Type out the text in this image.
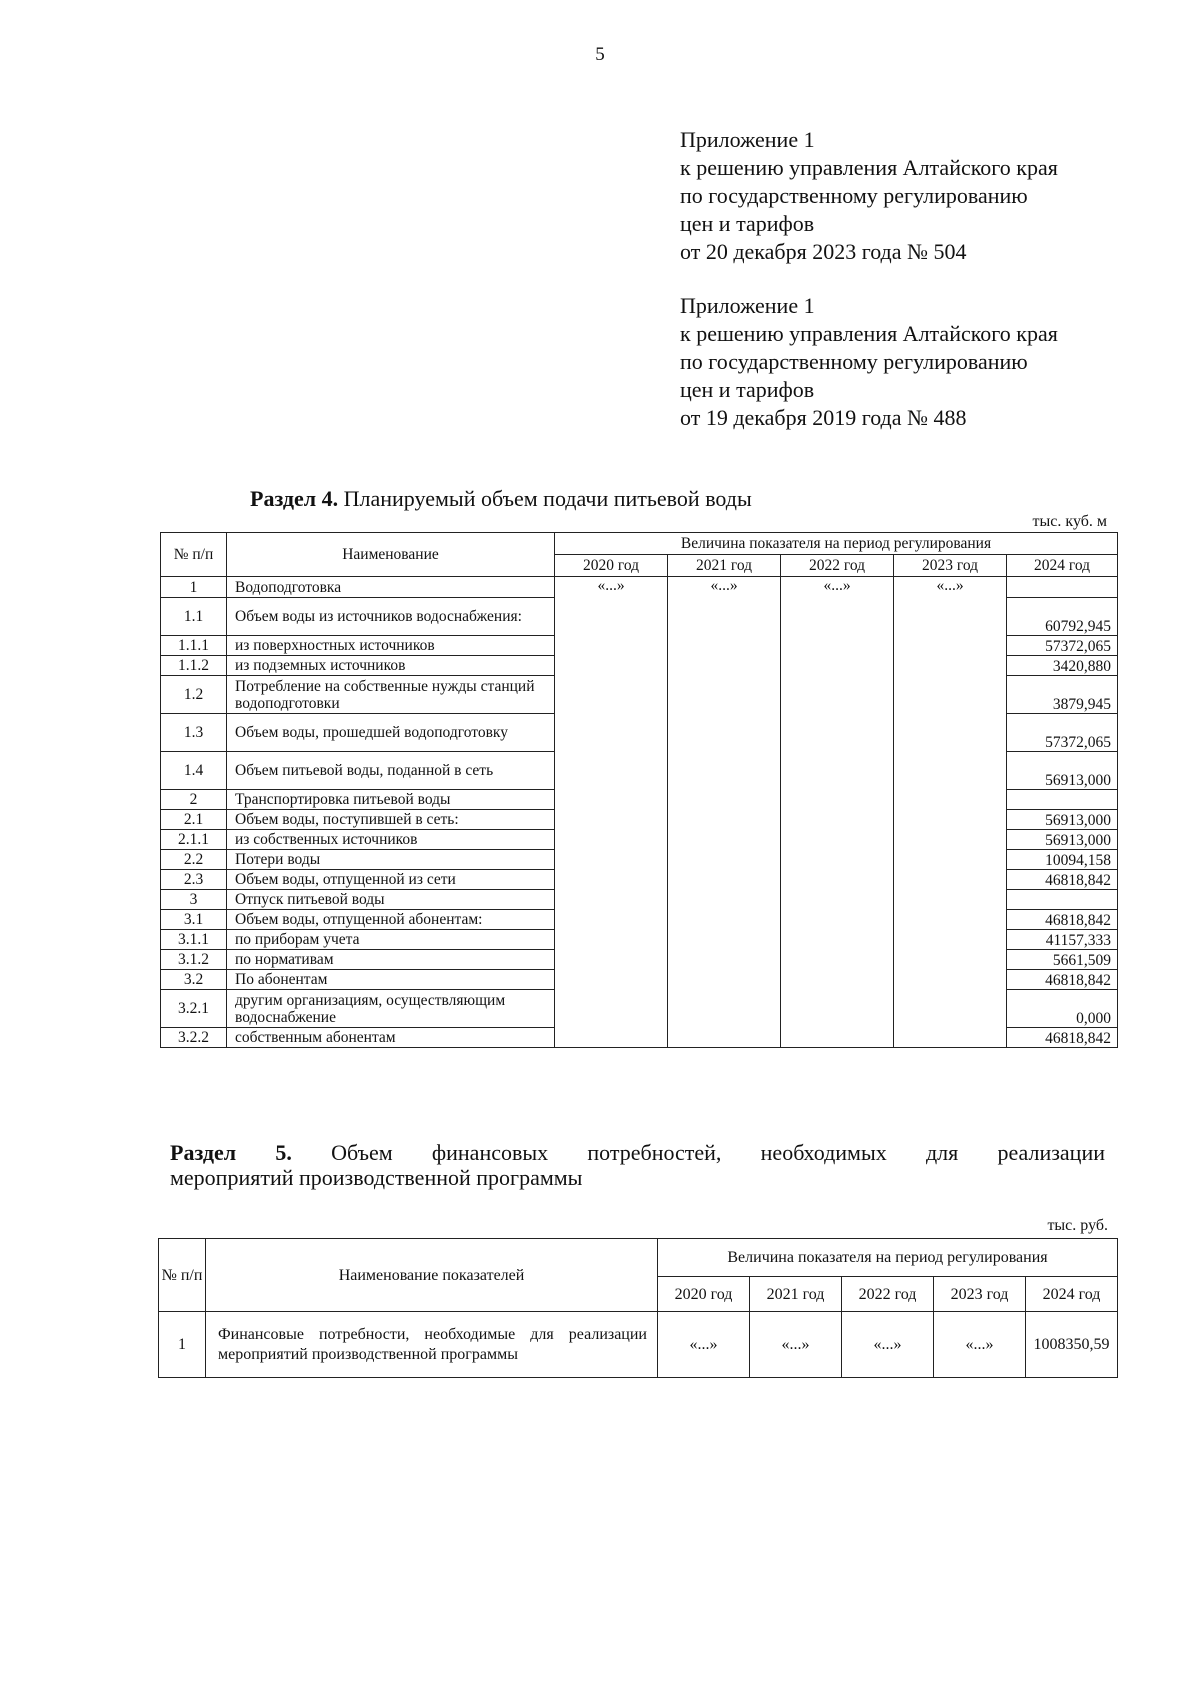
5
Приложение 1
к решению управления Алтайского края
по государственному регулированию
цен и тарифов
от 20 декабря 2023 года № 504
Приложение 1
к решению управления Алтайского края
по государственному регулированию
цен и тарифов
от 19 декабря 2019 года № 488
Раздел 4. Планируемый объем подачи питьевой воды
тыс. куб. м
№ п/п	Наименование	Величина показателя на период регулирования				
		2020 год	2021 год	2022 год	2023 год	2024 год
1	Водоподготовка	«...»	«...»	«...»	«...»	
1.1	Объем воды из источников водоснабжения:					60792,945
1.1.1	из поверхностных источников					57372,065
1.1.2	из подземных источников					3420,880
1.2	Потребление на собственные нужды станций водоподготовки					3879,945
1.3	Объем воды, прошедшей водоподготовку					57372,065
1.4	Объем питьевой воды, поданной в сеть					56913,000
2	Транспортировка питьевой воды					
2.1	Объем воды, поступившей в сеть:					56913,000
2.1.1	из собственных источников					56913,000
2.2	Потери воды					10094,158
2.3	Объем воды, отпущенной из сети					46818,842
3	Отпуск питьевой воды					
3.1	Объем воды, отпущенной абонентам:					46818,842
3.1.1	по приборам учета					41157,333
3.1.2	по нормативам					5661,509
3.2	По абонентам					46818,842
3.2.1	другим организациям, осуществляющим водоснабжение					0,000
3.2.2	собственным абонентам					46818,842
Раздел 5. Объем финансовых потребностей, необходимых для реализации
мероприятий производственной программы
тыс. руб.
№ п/п	Наименование показателей	Величина показателя на период регулирования				
		2020 год	2021 год	2022 год	2023 год	2024 год
1	Финансовые потребности, необходимые для реализации мероприятий производственной программы	«...»	«...»	«...»	«...»	1008350,59
